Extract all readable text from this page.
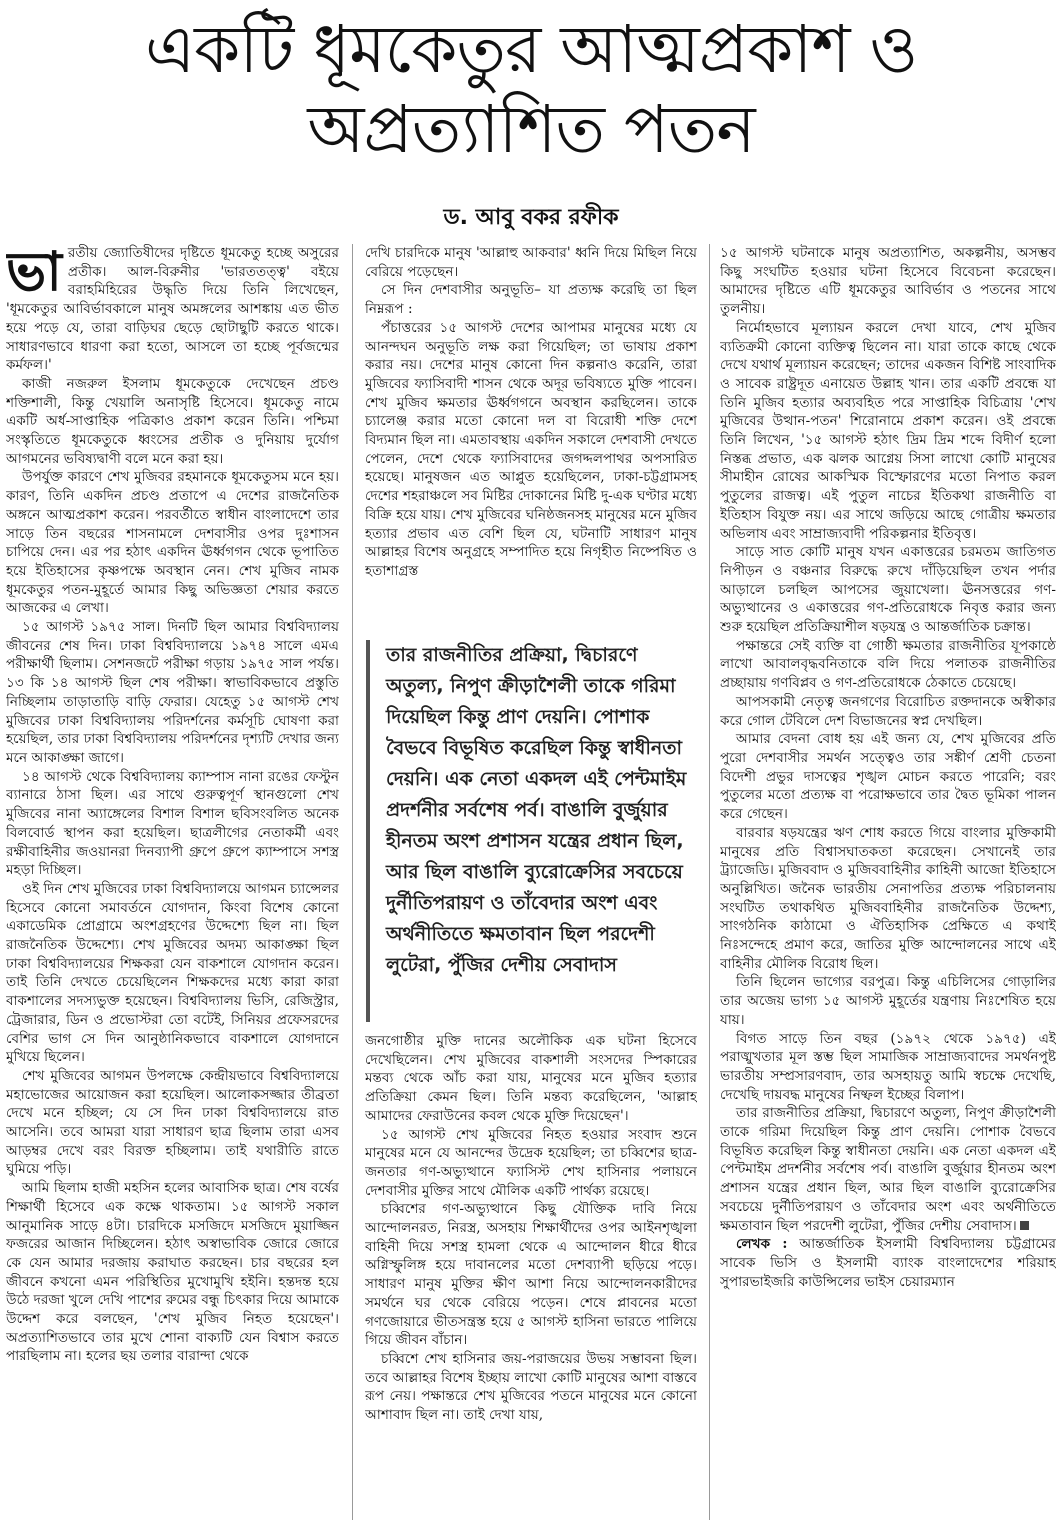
একটি ধূমকেতুর আত্মপ্রকাশ ও
অপ্রত্যাশিত পতন
ড. আবু বকর রফীক

ভারতীয় জ্যোতিষীদের দৃষ্টিতে ধূমকেতু হচ্ছে অসুরের প্রতীক। আল-বিরুনীর 'ভারততত্ত্ব' বইয়ে বরাহমিহিরের উদ্ধৃতি দিয়ে তিনি লিখেছেন, 'ধূমকেতুর আবির্ভাবকালে মানুষ অমঙ্গলের আশঙ্কায় এত ভীত হয়ে পড়ে যে, তারা বাড়িঘর ছেড়ে ছোটাছুটি করতে থাকে। সাধারণভাবে ধারণা করা হতো, আসলে তা হচ্ছে পূর্বজন্মের কর্মফল।'

কাজী নজরুল ইসলাম ধূমকেতুকে দেখেছেন প্রচণ্ড শক্তিশালী, কিন্তু খেয়ালি অনাসৃষ্টি হিসেবে। ধূমকেতু নামে একটি অর্ধ-সাপ্তাহিক পত্রিকাও প্রকাশ করেন তিনি। পশ্চিমা সংস্কৃতিতে ধূমকেতুকে ধ্বংসের প্রতীক ও দুনিয়ায় দুর্যোগ আগমনের ভবিষ্যদ্বাণী বলে মনে করা হয়।

উপর্যুক্ত কারণে শেখ মুজিবর রহমানকে ধূমকেতুসম মনে হয়। কারণ, তিনি একদিন প্রচণ্ড প্রতাপে এ দেশের রাজনৈতিক অঙ্গনে আত্মপ্রকাশ করেন। পরবর্তীতে স্বাধীন বাংলাদেশে তার সাড়ে তিন বছরের শাসনামলে দেশবাসীর ওপর দুঃশাসন চাপিয়ে দেন। এর পর হঠাৎ একদিন ঊর্ধ্বগগন থেকে ভূপাতিত হয়ে ইতিহাসের কৃষ্ণপক্ষে অবস্থান নেন। শেখ মুজিব নামক ধূমকেতুর পতন-মুহূর্তে আমার কিছু অভিজ্ঞতা শেয়ার করতে আজকের এ লেখা।

১৫ আগস্ট ১৯৭৫ সাল। দিনটি ছিল আমার বিশ্ববিদ্যালয় জীবনের শেষ দিন। ঢাকা বিশ্ববিদ্যালয়ে ১৯৭৪ সালে এমএ পরীক্ষার্থী ছিলাম। সেশনজটে পরীক্ষা গড়ায় ১৯৭৫ সাল পর্যন্ত। ১৩ কি ১৪ আগস্ট ছিল শেষ পরীক্ষা। স্বাভাবিকভাবে প্রস্তুতি নিচ্ছিলাম তাড়াতাড়ি বাড়ি ফেরার। যেহেতু ১৫ আগস্ট শেখ মুজিবের ঢাকা বিশ্ববিদ্যালয় পরিদর্শনের কর্মসূচি ঘোষণা করা হয়েছিল, তার ঢাকা বিশ্ববিদ্যালয় পরিদর্শনের দৃশ্যটি দেখার জন্য মনে আকাঙ্ক্ষা জাগে।

১৪ আগস্ট থেকে বিশ্ববিদ্যালয় ক্যাম্পাস নানা রঙের ফেস্টুন ব্যানারে ঠাসা ছিল। এর সাথে গুরুত্বপূর্ণ স্থানগুলো শেখ মুজিবের নানা অ্যাঙ্গেলের বিশাল বিশাল ছবিসংবলিত অনেক বিলবোর্ড স্থাপন করা হয়েছিল। ছাত্রলীগের নেতাকর্মী এবং রক্ষীবাহিনীর জওয়ানরা দিনব্যাপী গ্রুপে গ্রুপে ক্যাম্পাসে সশস্ত্র মহড়া দিচ্ছিল।

ওই দিন শেখ মুজিবের ঢাকা বিশ্ববিদ্যালয়ে আগমন চ্যান্সেলর হিসেবে কোনো সমাবর্তনে যোগদান, কিংবা বিশেষ কোনো একাডেমিক প্রোগ্রামে অংশগ্রহণের উদ্দেশ্যে ছিল না। ছিল রাজনৈতিক উদ্দেশ্যে। শেখ মুজিবের অদম্য আকাঙ্ক্ষা ছিল ঢাকা বিশ্ববিদ্যালয়ের শিক্ষকরা যেন বাকশালে যোগদান করেন। তাই তিনি দেখতে চেয়েছিলেন শিক্ষকদের মধ্যে কারা কারা বাকশালের সদস্যভুক্ত হয়েছেন। বিশ্ববিদ্যালয় ভিসি, রেজিস্ট্রার, ট্রেজারার, ডিন ও প্রভোস্টরা তো বটেই, সিনিয়র প্রফেসরদের বেশির ভাগ সে দিন আনুষ্ঠানিকভাবে বাকশালে যোগদানে মুখিয়ে ছিলেন।

শেখ মুজিবের আগমন উপলক্ষে কেন্দ্রীয়ভাবে বিশ্ববিদ্যালয়ে মহাভোজের আয়োজন করা হয়েছিল। আলোকসজ্জার তীব্রতা দেখে মনে হচ্ছিল; যে সে দিন ঢাকা বিশ্ববিদ্যালয়ে রাত আসেনি। তবে আমরা যারা সাধারণ ছাত্র ছিলাম তারা এসব আড়ম্বর দেখে বরং বিরক্ত হচ্ছিলাম। তাই যথারীতি রাতে ঘুমিয়ে পড়ি।

আমি ছিলাম হাজী মহসিন হলের আবাসিক ছাত্র। শেষ বর্ষের শিক্ষার্থী হিসেবে এক কক্ষে থাকতাম। ১৫ আগস্ট সকাল আনুমানিক সাড়ে ৪টা। চারদিকে মসজিদে মসজিদে মুয়াজ্জিন ফজরের আজান দিচ্ছিলেন। হঠাৎ অস্বাভাবিক জোরে জোরে কে যেন আমার দরজায় করাঘাত করছেন। চার বছরের হল জীবনে কখনো এমন পরিস্থিতির মুখোমুখি হইনি। হন্তদন্ত হয়ে উঠে দরজা খুলে দেখি পাশের রুমের বন্ধু চিৎকার দিয়ে আমাকে উদ্দেশ করে বলছেন, 'শেখ মুজিব নিহত হয়েছেন'। অপ্রত্যাশিতভাবে তার মুখে শোনা বাক্যটি যেন বিশ্বাস করতে পারছিলাম না। হলের ছয় তলার বারান্দা থেকে

দেখি চারদিকে মানুষ 'আল্লাহু আকবার' ধ্বনি দিয়ে মিছিল নিয়ে বেরিয়ে পড়েছেন।

সে দিন দেশবাসীর অনুভূতি– যা প্রত্যক্ষ করেছি তা ছিল নিম্নরূপ :

পঁচাত্তরের ১৫ আগস্ট দেশের আপামর মানুষের মধ্যে যে আনন্দঘন অনুভূতি লক্ষ করা গিয়েছিল; তা ভাষায় প্রকাশ করার নয়। দেশের মানুষ কোনো দিন কল্পনাও করেনি, তারা মুজিবের ফ্যাসিবাদী শাসন থেকে অদূর ভবিষ্যতে মুক্তি পাবেন। শেখ মুজিব ক্ষমতার ঊর্ধ্বগগনে অবস্থান করছিলেন। তাকে চ্যালেঞ্জ করার মতো কোনো দল বা বিরোধী শক্তি দেশে বিদ্যমান ছিল না। এমতাবস্থায় একদিন সকালে দেশবাসী দেখতে পেলেন, দেশে থেকে ফ্যাসিবাদের জগদ্দলপাথর অপসারিত হয়েছে। মানুষজন এত আপ্লুত হয়েছিলেন, ঢাকা-চট্টগ্রামসহ দেশের শহরাঞ্চলে সব মিষ্টির দোকানের মিষ্টি দু-এক ঘণ্টার মধ্যে বিক্রি হয়ে যায়। শেখ মুজিবের ঘনিষ্ঠজনসহ মানুষের মনে মুজিব হত্যার প্রভাব এত বেশি ছিল যে, ঘটনাটি সাধারণ মানুষ আল্লাহর বিশেষ অনুগ্রহে সম্পাদিত হয়ে নিগৃহীত নিষ্পেষিত ও হতাশাগ্রস্ত

তার রাজনীতির প্রক্রিয়া, দ্বিচারণে অতুল্য, নিপুণ ক্রীড়াশৈলী তাকে গরিমা দিয়েছিল কিন্তু প্রাণ দেয়নি। পোশাক বৈভবে বিভূষিত করেছিল কিন্তু স্বাধীনতা দেয়নি। এক নেতা একদল এই পেন্টমাইম প্রদর্শনীর সর্বশেষ পর্ব। বাঙালি বুর্জুয়ার হীনতম অংশ প্রশাসন যন্ত্রের প্রধান ছিল, আর ছিল বাঙালি ব্যুরোক্রেসির সবচেয়ে দুর্নীতিপরায়ণ ও তাঁবেদার অংশ এবং অর্থনীতিতে ক্ষমতাবান ছিল পরদেশী লুটেরা, পুঁজির দেশীয় সেবাদাস

জনগোষ্ঠীর মুক্তি দানের অলৌকিক এক ঘটনা হিসেবে দেখেছিলেন। শেখ মুজিবের বাকশালী সংসদের স্পিকারের মন্তব্য থেকে আঁচ করা যায়, মানুষের মনে মুজিব হত্যার প্রতিক্রিয়া কেমন ছিল। তিনি মন্তব্য করেছিলেন, 'আল্লাহ আমাদের ফেরাউনের কবল থেকে মুক্তি দিয়েছেন'।

১৫ আগস্ট শেখ মুজিবের নিহত হওয়ার সংবাদ শুনে মানুষের মনে যে আনন্দের উদ্রেক হয়েছিল; তা চব্বিশের ছাত্র-জনতার গণ-অভ্যুত্থানে ফ্যাসিস্ট শেখ হাসিনার পলায়নে দেশবাসীর মুক্তির সাথে মৌলিক একটি পার্থক্য রয়েছে।

চব্বিশের গণ-অভ্যুত্থানে কিছু যৌক্তিক দাবি নিয়ে আন্দোলনরত, নিরস্ত্র, অসহায় শিক্ষার্থীদের ওপর আইনশৃঙ্খলা বাহিনী দিয়ে সশস্ত্র হামলা থেকে এ আন্দোলন ধীরে ধীরে অগ্নিস্ফুলিঙ্গ হয়ে দাবানলের মতো দেশব্যাপী ছড়িয়ে পড়ে। সাধারণ মানুষ মুক্তির ক্ষীণ আশা নিয়ে আন্দোলনকারীদের সমর্থনে ঘর থেকে বেরিয়ে পড়েন। শেষে প্লাবনের মতো গণজোয়ারে ভীতসন্ত্রস্ত হয়ে ৫ আগস্ট হাসিনা ভারতে পালিয়ে গিয়ে জীবন বাঁচান।

চব্বিশে শেখ হাসিনার জয়-পরাজয়ের উভয় সম্ভাবনা ছিল। তবে আল্লাহর বিশেষ ইচ্ছায় লাখো কোটি মানুষের আশা বাস্তবে রূপ নেয়। পক্ষান্তরে শেখ মুজিবের পতনে মানুষের মনে কোনো আশাবাদ ছিল না। তাই দেখা যায়,

১৫ আগস্ট ঘটনাকে মানুষ অপ্রত্যাশিত, অকল্পনীয়, অসম্ভব কিছু সংঘটিত হওয়ার ঘটনা হিসেবে বিবেচনা করেছেন। আমাদের দৃষ্টিতে এটি ধূমকেতুর আবির্ভাব ও পতনের সাথে তুলনীয়।

নির্মোহভাবে মূল্যায়ন করলে দেখা যাবে, শেখ মুজিব ব্যতিক্রমী কোনো ব্যক্তিত্ব ছিলেন না। যারা তাকে কাছে থেকে দেখে যথার্থ মূল্যায়ন করেছেন; তাদের একজন বিশিষ্ট সাংবাদিক ও সাবেক রাষ্ট্রদূত এনায়েত উল্লাহ খান। তার একটি প্রবন্ধে যা তিনি মুজিব হত্যার অব্যবহিত পরে সাপ্তাহিক বিচিত্রায় 'শেখ মুজিবের উত্থান-পতন' শিরোনামে প্রকাশ করেন। ওই প্রবন্ধে তিনি লিখেন, '১৫ আগস্ট হঠাৎ দ্রিম দ্রিম শব্দে বিদীর্ণ হলো নিস্তব্ধ প্রভাত, এক ঝলক আগ্নেয় সিসা লাখো কোটি মানুষের সীমাহীন রোষের আকস্মিক বিস্ফোরণের মতো নিপাত করল পুতুলের রাজত্ব। এই পুতুল নাচের ইতিকথা রাজনীতি বা ইতিহাস বিযুক্ত নয়। এর সাথে জড়িয়ে আছে গোত্রীয় ক্ষমতার অভিলাষ এবং সাম্রাজ্যবাদী পরিকল্পনার ইতিবৃত্ত।

সাড়ে সাত কোটি মানুষ যখন একাত্তরের চরমতম জাতিগত নিপীড়ন ও বঞ্চনার বিরুদ্ধে রুখে দাঁড়িয়েছিল তখন পর্দার আড়ালে চলছিল আপসের জুয়াখেলা। ঊনসত্তরের গণ-অভ্যুত্থানের ও একাত্তরের গণ-প্রতিরোধকে নিবৃত্ত করার জন্য শুরু হয়েছিল প্রতিক্রিয়াশীল ষড়যন্ত্র ও আন্তর্জাতিক চক্রান্ত।

পক্ষান্তরে সেই ব্যক্তি বা গোষ্ঠী ক্ষমতার রাজনীতির যূপকাষ্ঠে লাখো আবালবৃদ্ধবনিতাকে বলি দিয়ে পলাতক রাজনীতির প্রচ্ছায়ায় গণবিপ্লব ও গণ-প্রতিরোধকে ঠেকাতে চেয়েছে।

আপসকামী নেতৃত্ব জনগণের বিরোচিত রক্তদানকে অস্বীকার করে গোল টেবিলে দেশ বিভাজনের স্বপ্ন দেখছিল।

আমার বেদনা বোধ হয় এই জন্য যে, শেখ মুজিবের প্রতি পুরো দেশবাসীর সমর্থন সত্ত্বেও তার সঙ্কীর্ণ শ্রেণী চেতনা বিদেশী প্রভুর দাসত্বের শৃঙ্খল মোচন করতে পারেনি; বরং পুতুলের মতো প্রত্যক্ষ বা পরোক্ষভাবে তার দ্বৈত ভূমিকা পালন করে গেছেন।

বারবার ষড়যন্ত্রের ঋণ শোধ করতে গিয়ে বাংলার মুক্তিকামী মানুষের প্রতি বিশ্বাসঘাতকতা করেছেন। সেখানেই তার ট্র্যাজেডি। মুজিববাদ ও মুজিববাহিনীর কাহিনী আজো ইতিহাসে অনুল্লিখিত। জনৈক ভারতীয় সেনাপতির প্রত্যক্ষ পরিচালনায় সংঘটিত তথাকথিত মুজিববাহিনীর রাজনৈতিক উদ্দেশ্য, সাংগঠনিক কাঠামো ও ঐতিহাসিক প্রেক্ষিতে এ কথাই নিঃসন্দেহে প্রমাণ করে, জাতির মুক্তি আন্দোলনের সাথে এই বাহিনীর মৌলিক বিরোধ ছিল।

তিনি ছিলেন ভাগ্যের বরপুত্র। কিন্তু এচিলিসের গোড়ালির তার অজেয় ভাগ্য ১৫ আগস্ট মুহূর্তের যন্ত্রণায় নিঃশেষিত হয়ে যায়।

বিগত সাড়ে তিন বছর (১৯৭২ থেকে ১৯৭৫) এই পরাঙ্মুখতার মূল স্তম্ভ ছিল সামাজিক সাম্রাজ্যবাদের সমর্থনপুষ্ট ভারতীয় সম্প্রসারণবাদ, তার অসহায়তু আমি স্বচক্ষে দেখেছি, দেখেছি দায়বদ্ধ মানুষের নিষ্ফল ইচ্ছের বিলাপ।

তার রাজনীতির প্রক্রিয়া, দ্বিচারণে অতুল্য, নিপুণ ক্রীড়াশৈলী তাকে গরিমা দিয়েছিল কিন্তু প্রাণ দেয়নি। পোশাক বৈভবে বিভূষিত করেছিল কিন্তু স্বাধীনতা দেয়নি। এক নেতা একদল এই পেন্টমাইম প্রদর্শনীর সর্বশেষ পর্ব। বাঙালি বুর্জুয়ার হীনতম অংশ প্রশাসন যন্ত্রের প্রধান ছিল, আর ছিল বাঙালি ব্যুরোক্রেসির সবচেয়ে দুর্নীতিপরায়ণ ও তাঁবেদার অংশ এবং অর্থনীতিতে ক্ষমতাবান ছিল পরদেশী লুটেরা, পুঁজির দেশীয় সেবাদাস।

লেখক : আন্তর্জাতিক ইসলামী বিশ্ববিদ্যালয় চট্টগ্রামের সাবেক ভিসি ও ইসলামী ব্যাংক বাংলাদেশের শরিয়াহ সুপারভাইজরি কাউন্সিলের ভাইস চেয়ারম্যান
